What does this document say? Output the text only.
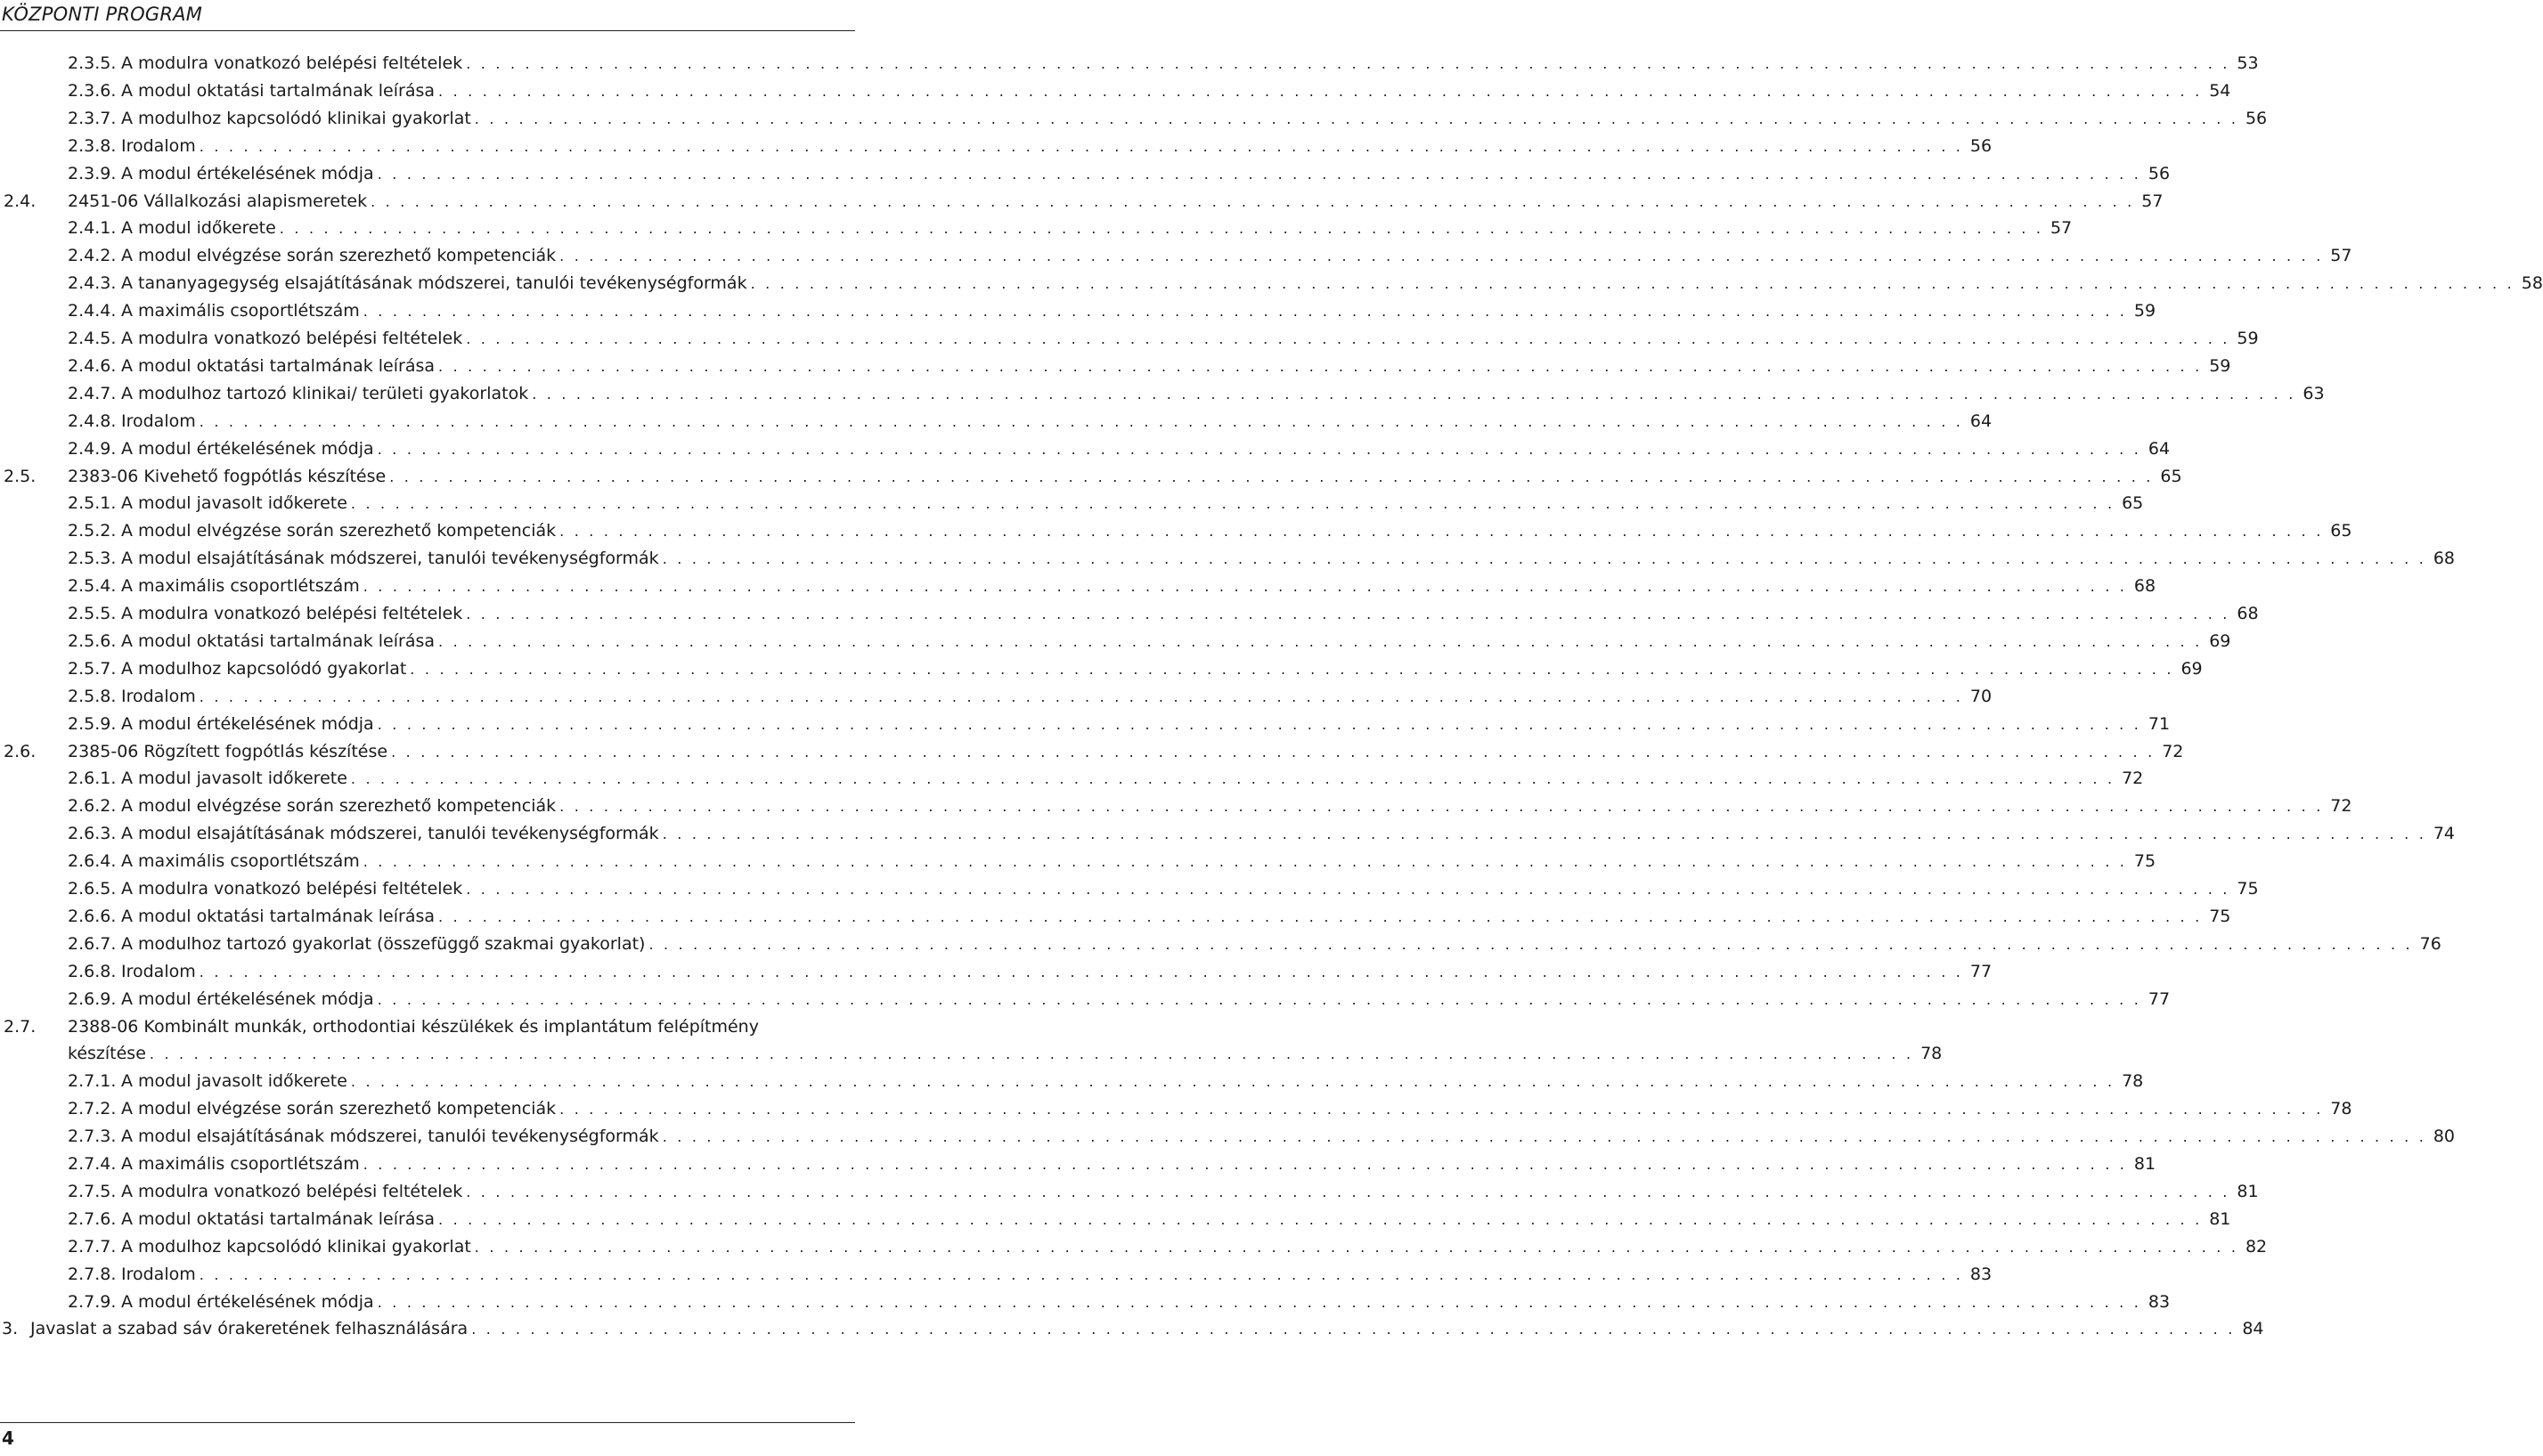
KÖZPONTI PROGRAM
2.3.5. A modulra vonatkozó belépési feltételek . . . . . . . . . . . . . . . . . . . . . . . . . . . . . . . . . . . . . . . . . . . . . . . . . . . . . . . . . . . . . . . . . . . . . . . . . . . . . . . . . . . . . . . . . . . . . . . . . . . . . . . . . . . . . . . . . . . . . . . . 53
2.3.6. A modul oktatási tartalmának leírása . . . . . . . . . . . . . . . . . . . . . . . . . . . . . . . . . . . . . . . . . . . . . . . . . . . . . . . . . . . . . . . . . . . . . . . . . . . . . . . . . . . . . . . . . . . . . . . . . . . . . . . . . . . . . . . . . . . . . . . . 54
2.3.7. A modulhoz kapcsolódó klinikai gyakorlat . . . . . . . . . . . . . . . . . . . . . . . . . . . . . . . . . . . . . . . . . . . . . . . . . . . . . . . . . . . . . . . . . . . . . . . . . . . . . . . . . . . . . . . . . . . . . . . . . . . . . . . . . . . . . . . . . . . . . . . . 56
2.3.8. Irodalom . . . . . . . . . . . . . . . . . . . . . . . . . . . . . . . . . . . . . . . . . . . . . . . . . . . . . . . . . . . . . . . . . . . . . . . . . . . . . . . . . . . . . . . . . . . . . . . . . . . . . . . . . . . . . . . . . . . . . . . . 56
2.3.9. A modul értékelésének módja . . . . . . . . . . . . . . . . . . . . . . . . . . . . . . . . . . . . . . . . . . . . . . . . . . . . . . . . . . . . . . . . . . . . . . . . . . . . . . . . . . . . . . . . . . . . . . . . . . . . . . . . . . . . . . . . . . . . . . . . 56
2.4.	2451-06 Vállalkozási alapismeretek . . . . . . . . . . . . . . . . . . . . . . . . . . . . . . . . . . . . . . . . . . . . . . . . . . . . . . . . . . . . . . . . . . . . . . . . . . . . . . . . . . . . . . . . . . . . . . . . . . . . . . . . . . . . . . . . . . . . . . . . 57
2.4.1. A modul időkerete . . . . . . . . . . . . . . . . . . . . . . . . . . . . . . . . . . . . . . . . . . . . . . . . . . . . . . . . . . . . . . . . . . . . . . . . . . . . . . . . . . . . . . . . . . . . . . . . . . . . . . . . . . . . . . . . . . . . . . . . 57
2.4.2. A modul elvégzése során szerezhető kompetenciák . . . . . . . . . . . . . . . . . . . . . . . . . . . . . . . . . . . . . . . . . . . . . . . . . . . . . . . . . . . . . . . . . . . . . . . . . . . . . . . . . . . . . . . . . . . . . . . . . . . . . . . . . . . . . . . . . . . . . . . . 57
2.4.3. A tananyagegység elsajátításának módszerei, tanulói tevékenységformák . . . . . . . . . . . . . . . . . . . . . . . . . . . . . . . . . . . . . . . . . . . . . . . . . . . . . . . . . . . . . . . . . . . . . . . . . . . . . . . . . . . . . . . . . . . . . . . . . . . . . . . . . . . . . . . . . . . . . . . . 58
2.4.4. A maximális csoportlétszám . . . . . . . . . . . . . . . . . . . . . . . . . . . . . . . . . . . . . . . . . . . . . . . . . . . . . . . . . . . . . . . . . . . . . . . . . . . . . . . . . . . . . . . . . . . . . . . . . . . . . . . . . . . . . . . . . . . . . . . . 59
2.4.5. A modulra vonatkozó belépési feltételek . . . . . . . . . . . . . . . . . . . . . . . . . . . . . . . . . . . . . . . . . . . . . . . . . . . . . . . . . . . . . . . . . . . . . . . . . . . . . . . . . . . . . . . . . . . . . . . . . . . . . . . . . . . . . . . . . . . . . . . . 59
2.4.6. A modul oktatási tartalmának leírása . . . . . . . . . . . . . . . . . . . . . . . . . . . . . . . . . . . . . . . . . . . . . . . . . . . . . . . . . . . . . . . . . . . . . . . . . . . . . . . . . . . . . . . . . . . . . . . . . . . . . . . . . . . . . . . . . . . . . . . . 59
2.4.7. A modulhoz tartozó klinikai/ területi gyakorlatok . . . . . . . . . . . . . . . . . . . . . . . . . . . . . . . . . . . . . . . . . . . . . . . . . . . . . . . . . . . . . . . . . . . . . . . . . . . . . . . . . . . . . . . . . . . . . . . . . . . . . . . . . . . . . . . . . . . . . . . . 63
2.4.8. Irodalom . . . . . . . . . . . . . . . . . . . . . . . . . . . . . . . . . . . . . . . . . . . . . . . . . . . . . . . . . . . . . . . . . . . . . . . . . . . . . . . . . . . . . . . . . . . . . . . . . . . . . . . . . . . . . . . . . . . . . . . . 64
2.4.9. A modul értékelésének módja . . . . . . . . . . . . . . . . . . . . . . . . . . . . . . . . . . . . . . . . . . . . . . . . . . . . . . . . . . . . . . . . . . . . . . . . . . . . . . . . . . . . . . . . . . . . . . . . . . . . . . . . . . . . . . . . . . . . . . . . 64
2.5.	2383-06 Kivehető fogpótlás készítése . . . . . . . . . . . . . . . . . . . . . . . . . . . . . . . . . . . . . . . . . . . . . . . . . . . . . . . . . . . . . . . . . . . . . . . . . . . . . . . . . . . . . . . . . . . . . . . . . . . . . . . . . . . . . . . . . . . . . . . . 65
2.5.1. A modul javasolt időkerete . . . . . . . . . . . . . . . . . . . . . . . . . . . . . . . . . . . . . . . . . . . . . . . . . . . . . . . . . . . . . . . . . . . . . . . . . . . . . . . . . . . . . . . . . . . . . . . . . . . . . . . . . . . . . . . . . . . . . . . . 65
2.5.2. A modul elvégzése során szerezhető kompetenciák . . . . . . . . . . . . . . . . . . . . . . . . . . . . . . . . . . . . . . . . . . . . . . . . . . . . . . . . . . . . . . . . . . . . . . . . . . . . . . . . . . . . . . . . . . . . . . . . . . . . . . . . . . . . . . . . . . . . . . . . 65
2.5.3. A modul elsajátításának módszerei, tanulói tevékenységformák . . . . . . . . . . . . . . . . . . . . . . . . . . . . . . . . . . . . . . . . . . . . . . . . . . . . . . . . . . . . . . . . . . . . . . . . . . . . . . . . . . . . . . . . . . . . . . . . . . . . . . . . . . . . . . . . . . . . . . . . 68
2.5.4. A maximális csoportlétszám . . . . . . . . . . . . . . . . . . . . . . . . . . . . . . . . . . . . . . . . . . . . . . . . . . . . . . . . . . . . . . . . . . . . . . . . . . . . . . . . . . . . . . . . . . . . . . . . . . . . . . . . . . . . . . . . . . . . . . . . 68
2.5.5. A modulra vonatkozó belépési feltételek . . . . . . . . . . . . . . . . . . . . . . . . . . . . . . . . . . . . . . . . . . . . . . . . . . . . . . . . . . . . . . . . . . . . . . . . . . . . . . . . . . . . . . . . . . . . . . . . . . . . . . . . . . . . . . . . . . . . . . . . 68
2.5.6. A modul oktatási tartalmának leírása . . . . . . . . . . . . . . . . . . . . . . . . . . . . . . . . . . . . . . . . . . . . . . . . . . . . . . . . . . . . . . . . . . . . . . . . . . . . . . . . . . . . . . . . . . . . . . . . . . . . . . . . . . . . . . . . . . . . . . . . 69
2.5.7. A modulhoz kapcsolódó gyakorlat . . . . . . . . . . . . . . . . . . . . . . . . . . . . . . . . . . . . . . . . . . . . . . . . . . . . . . . . . . . . . . . . . . . . . . . . . . . . . . . . . . . . . . . . . . . . . . . . . . . . . . . . . . . . . . . . . . . . . . . . 69
2.5.8. Irodalom . . . . . . . . . . . . . . . . . . . . . . . . . . . . . . . . . . . . . . . . . . . . . . . . . . . . . . . . . . . . . . . . . . . . . . . . . . . . . . . . . . . . . . . . . . . . . . . . . . . . . . . . . . . . . . . . . . . . . . . . 70
2.5.9. A modul értékelésének módja . . . . . . . . . . . . . . . . . . . . . . . . . . . . . . . . . . . . . . . . . . . . . . . . . . . . . . . . . . . . . . . . . . . . . . . . . . . . . . . . . . . . . . . . . . . . . . . . . . . . . . . . . . . . . . . . . . . . . . . . 71
2.6.	2385-06 Rögzített fogpótlás készítése . . . . . . . . . . . . . . . . . . . . . . . . . . . . . . . . . . . . . . . . . . . . . . . . . . . . . . . . . . . . . . . . . . . . . . . . . . . . . . . . . . . . . . . . . . . . . . . . . . . . . . . . . . . . . . . . . . . . . . . . 72
2.6.1. A modul javasolt időkerete . . . . . . . . . . . . . . . . . . . . . . . . . . . . . . . . . . . . . . . . . . . . . . . . . . . . . . . . . . . . . . . . . . . . . . . . . . . . . . . . . . . . . . . . . . . . . . . . . . . . . . . . . . . . . . . . . . . . . . . . 72
2.6.2. A modul elvégzése során szerezhető kompetenciák . . . . . . . . . . . . . . . . . . . . . . . . . . . . . . . . . . . . . . . . . . . . . . . . . . . . . . . . . . . . . . . . . . . . . . . . . . . . . . . . . . . . . . . . . . . . . . . . . . . . . . . . . . . . . . . . . . . . . . . . 72
2.6.3. A modul elsajátításának módszerei, tanulói tevékenységformák . . . . . . . . . . . . . . . . . . . . . . . . . . . . . . . . . . . . . . . . . . . . . . . . . . . . . . . . . . . . . . . . . . . . . . . . . . . . . . . . . . . . . . . . . . . . . . . . . . . . . . . . . . . . . . . . . . . . . . . . 74
2.6.4. A maximális csoportlétszám . . . . . . . . . . . . . . . . . . . . . . . . . . . . . . . . . . . . . . . . . . . . . . . . . . . . . . . . . . . . . . . . . . . . . . . . . . . . . . . . . . . . . . . . . . . . . . . . . . . . . . . . . . . . . . . . . . . . . . . . 75
2.6.5. A modulra vonatkozó belépési feltételek . . . . . . . . . . . . . . . . . . . . . . . . . . . . . . . . . . . . . . . . . . . . . . . . . . . . . . . . . . . . . . . . . . . . . . . . . . . . . . . . . . . . . . . . . . . . . . . . . . . . . . . . . . . . . . . . . . . . . . . . 75
2.6.6. A modul oktatási tartalmának leírása . . . . . . . . . . . . . . . . . . . . . . . . . . . . . . . . . . . . . . . . . . . . . . . . . . . . . . . . . . . . . . . . . . . . . . . . . . . . . . . . . . . . . . . . . . . . . . . . . . . . . . . . . . . . . . . . . . . . . . . . 75
2.6.7. A modulhoz tartozó gyakorlat (összefüggő szakmai gyakorlat) . . . . . . . . . . . . . . . . . . . . . . . . . . . . . . . . . . . . . . . . . . . . . . . . . . . . . . . . . . . . . . . . . . . . . . . . . . . . . . . . . . . . . . . . . . . . . . . . . . . . . . . . . . . . . . . . . . . . . . . . 76
2.6.8. Irodalom . . . . . . . . . . . . . . . . . . . . . . . . . . . . . . . . . . . . . . . . . . . . . . . . . . . . . . . . . . . . . . . . . . . . . . . . . . . . . . . . . . . . . . . . . . . . . . . . . . . . . . . . . . . . . . . . . . . . . . . . 77
2.6.9. A modul értékelésének módja . . . . . . . . . . . . . . . . . . . . . . . . . . . . . . . . . . . . . . . . . . . . . . . . . . . . . . . . . . . . . . . . . . . . . . . . . . . . . . . . . . . . . . . . . . . . . . . . . . . . . . . . . . . . . . . . . . . . . . . . 77
2.7.	2388-06 Kombinált munkák, orthodontiai készülékek és implantátum felépítmény
készítése . . . . . . . . . . . . . . . . . . . . . . . . . . . . . . . . . . . . . . . . . . . . . . . . . . . . . . . . . . . . . . . . . . . . . . . . . . . . . . . . . . . . . . . . . . . . . . . . . . . . . . . . . . . . . . . . . . . . . . . . 78
2.7.1. A modul javasolt időkerete . . . . . . . . . . . . . . . . . . . . . . . . . . . . . . . . . . . . . . . . . . . . . . . . . . . . . . . . . . . . . . . . . . . . . . . . . . . . . . . . . . . . . . . . . . . . . . . . . . . . . . . . . . . . . . . . . . . . . . . . 78
2.7.2. A modul elvégzése során szerezhető kompetenciák . . . . . . . . . . . . . . . . . . . . . . . . . . . . . . . . . . . . . . . . . . . . . . . . . . . . . . . . . . . . . . . . . . . . . . . . . . . . . . . . . . . . . . . . . . . . . . . . . . . . . . . . . . . . . . . . . . . . . . . . 78
2.7.3. A modul elsajátításának módszerei, tanulói tevékenységformák . . . . . . . . . . . . . . . . . . . . . . . . . . . . . . . . . . . . . . . . . . . . . . . . . . . . . . . . . . . . . . . . . . . . . . . . . . . . . . . . . . . . . . . . . . . . . . . . . . . . . . . . . . . . . . . . . . . . . . . . 80
2.7.4. A maximális csoportlétszám . . . . . . . . . . . . . . . . . . . . . . . . . . . . . . . . . . . . . . . . . . . . . . . . . . . . . . . . . . . . . . . . . . . . . . . . . . . . . . . . . . . . . . . . . . . . . . . . . . . . . . . . . . . . . . . . . . . . . . . . 81
2.7.5. A modulra vonatkozó belépési feltételek . . . . . . . . . . . . . . . . . . . . . . . . . . . . . . . . . . . . . . . . . . . . . . . . . . . . . . . . . . . . . . . . . . . . . . . . . . . . . . . . . . . . . . . . . . . . . . . . . . . . . . . . . . . . . . . . . . . . . . . . 81
2.7.6. A modul oktatási tartalmának leírása . . . . . . . . . . . . . . . . . . . . . . . . . . . . . . . . . . . . . . . . . . . . . . . . . . . . . . . . . . . . . . . . . . . . . . . . . . . . . . . . . . . . . . . . . . . . . . . . . . . . . . . . . . . . . . . . . . . . . . . . 81
2.7.7. A modulhoz kapcsolódó klinikai gyakorlat . . . . . . . . . . . . . . . . . . . . . . . . . . . . . . . . . . . . . . . . . . . . . . . . . . . . . . . . . . . . . . . . . . . . . . . . . . . . . . . . . . . . . . . . . . . . . . . . . . . . . . . . . . . . . . . . . . . . . . . . 82
2.7.8. Irodalom . . . . . . . . . . . . . . . . . . . . . . . . . . . . . . . . . . . . . . . . . . . . . . . . . . . . . . . . . . . . . . . . . . . . . . . . . . . . . . . . . . . . . . . . . . . . . . . . . . . . . . . . . . . . . . . . . . . . . . . . 83
2.7.9. A modul értékelésének módja . . . . . . . . . . . . . . . . . . . . . . . . . . . . . . . . . . . . . . . . . . . . . . . . . . . . . . . . . . . . . . . . . . . . . . . . . . . . . . . . . . . . . . . . . . . . . . . . . . . . . . . . . . . . . . . . . . . . . . . . 83
3. Javaslat a szabad sáv órakeretének felhasználására . . . . . . . . . . . . . . . . . . . . . . . . . . . . . . . . . . . . . . . . . . . . . . . . . . . . . . . . . . . . . . . . . . . . . . . . . . . . . . . . . . . . . . . . . . . . . . . . . . . . . . . . . . . . . . . . . . . . . . . . 84
4
